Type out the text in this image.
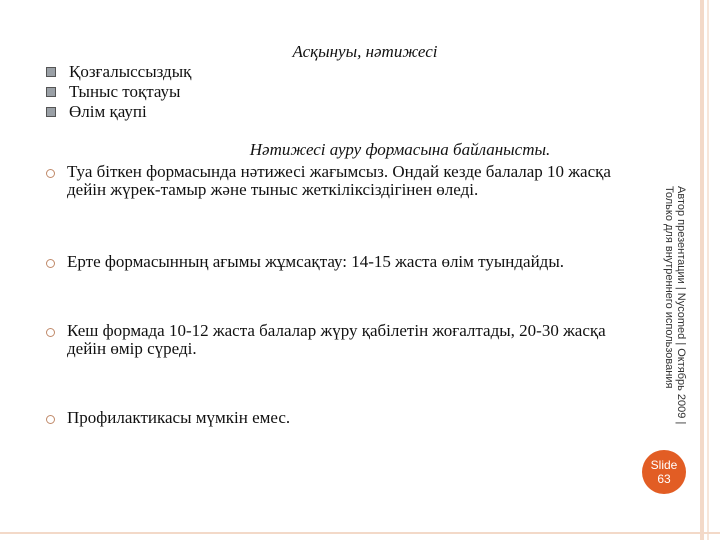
Асқынуы, нәтижесі
Қозғалыссыздық
Тыныс тоқтауы
Өлім қаупі
Нәтижесі ауру формасына байланысты.
Туа біткен формасында нәтижесі жағымсыз. Ондай кезде балалар 10 жасқа дейін жүрек-тамыр және тыныс жеткіліксіздігінен өледі.
Ерте формасынның ағымы жұмсақтау: 14-15 жаста өлім туындайды.
Кеш формада 10-12 жаста балалар жүру қабілетін жоғалтады, 20-30 жасқа дейін өмір сүреді.
Профилактикасы мүмкін емес.	Автор презентации | Nycomed | Октябрь 2009 | Только для внутреннего использования
Slide
63
